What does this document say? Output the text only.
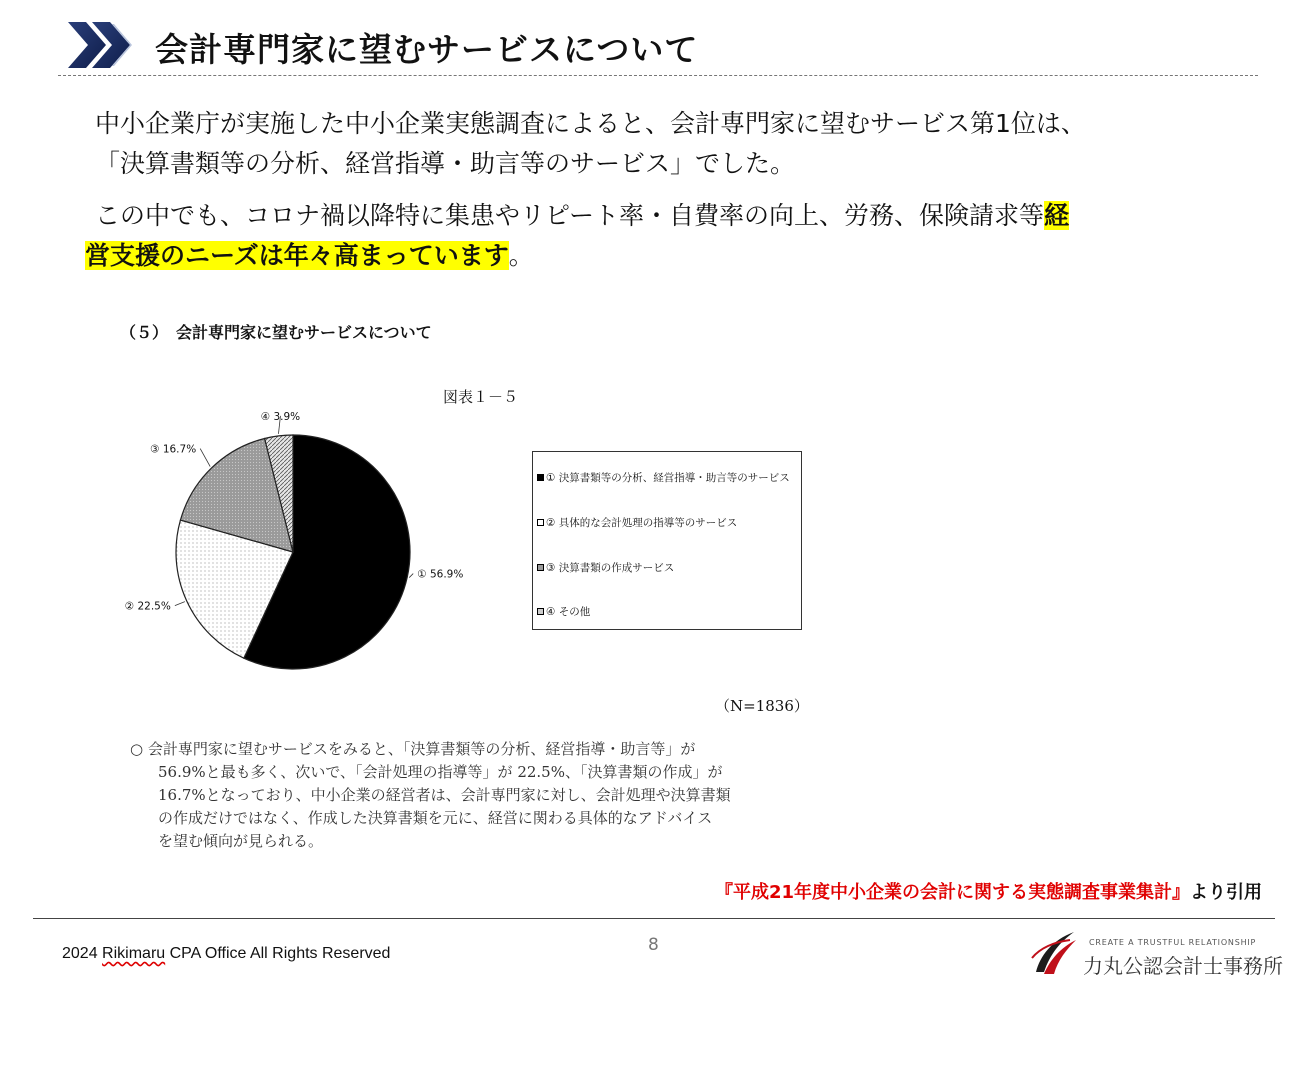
会計専門家に望むサービスについて
中小企業庁が実施した中小企業実態調査によると、会計専門家に望むサービス第1位は、
「決算書類等の分析、経営指導・助言等のサービス」でした。
この中でも、コロナ禍以降特に集患やリピート率・自費率の向上、労務、保険請求等経
営支援のニーズは年々高まっています。
（５）　会計専門家に望むサービスについて
図表１－５
① 56.9%
② 22.5%
③ 16.7%
④ 3.9%
① 決算書類等の分析、経営指導・助言等のサービス
② 具体的な会計処理の指導等のサービス
③ 決算書類の作成サービス
④ その他
（N=1836）
○ 会計専門家に望むサービスをみると、「決算書類等の分析、経営指導・助言等」が
56.9%と最も多く、次いで、「会計処理の指導等」が 22.5%、「決算書類の作成」が
16.7%となっており、中小企業の経営者は、会計専門家に対し、会計処理や決算書類
の作成だけではなく、作成した決算書類を元に、経営に関わる具体的なアドバイス
を望む傾向が見られる。
『平成21年度中小企業の会計に関する実態調査事業集計』より引用
8
2024 Rikimaru CPA Office All Rights Reserved
CREATE A TRUSTFUL RELATIONSHIP
力丸公認会計士事務所
